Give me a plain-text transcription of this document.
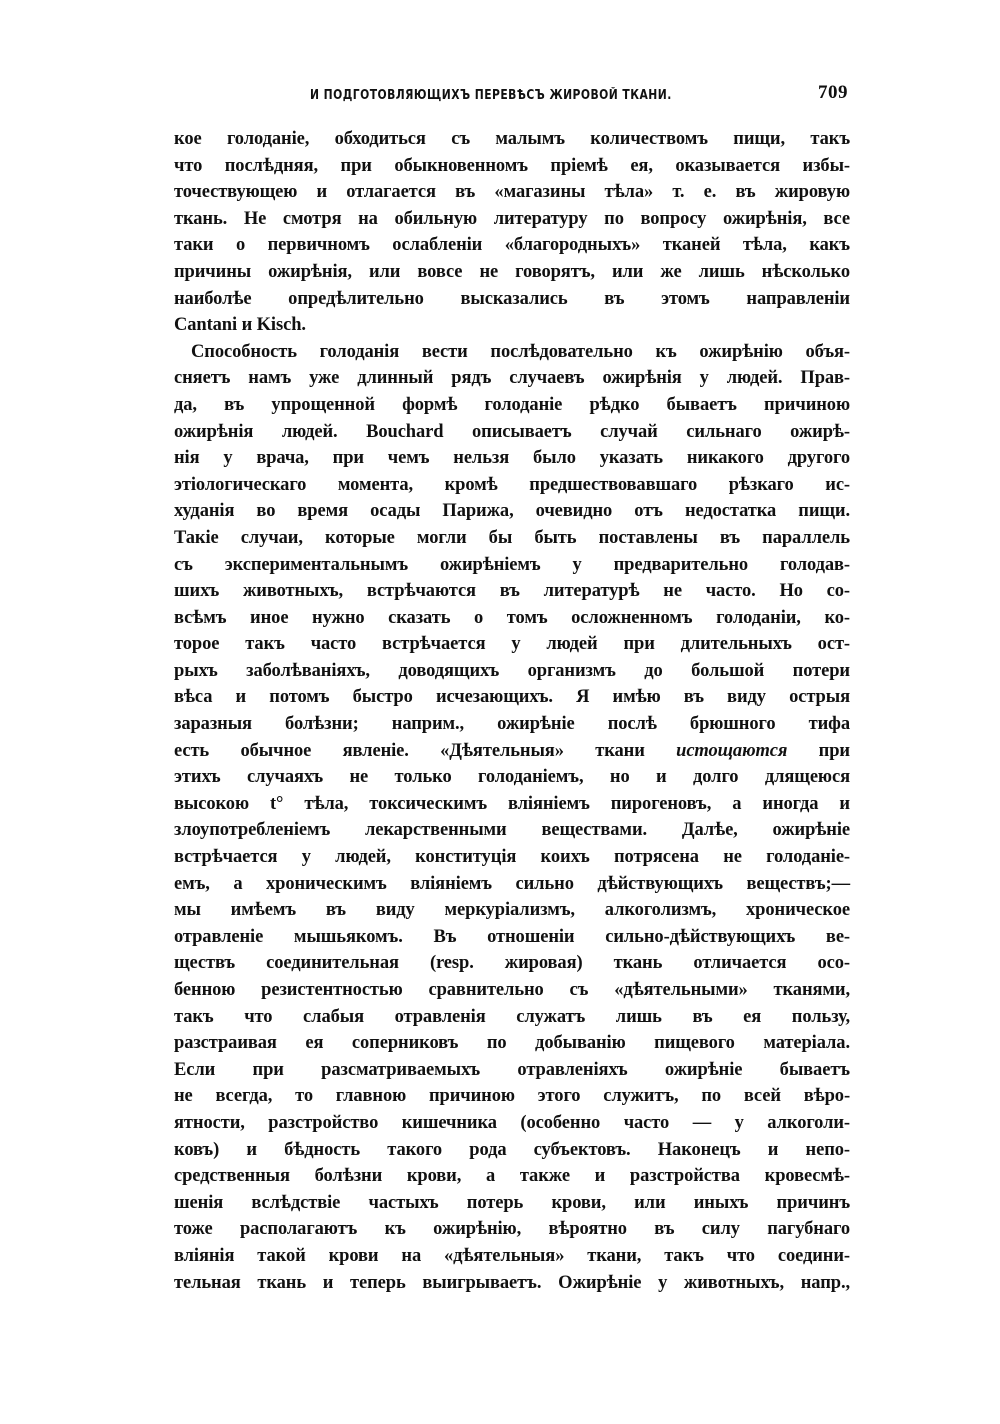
И ПОДГОТОВЛЯЮЩИХЪ ПЕРЕВѢСЪ ЖИРОВОЙ ТКАНИ.	709
кое голоданіе, обходиться съ малымъ количествомъ пищи, такъ
что послѣдняя, при обыкновенномъ пріемѣ ея, оказывается избы-
точествующею и отлагается въ «магазины тѣла» т. е. въ жировую
ткань. Не смотря на обильную литературу по вопросу ожирѣнія, все
таки о первичномъ ослабленіи «благородныхъ» тканей тѣла, какъ
причины ожирѣнія, или вовсе не говорятъ, или же лишь нѣсколько
наиболѣе опредѣлительно высказались въ этомъ направленіи
Cantani и Kisch.
Способность голоданія вести послѣдовательно къ ожирѣнію объя-
сняетъ намъ уже длинный рядъ случаевъ ожирѣнія у людей. Прав-
да, въ упрощенной формѣ голоданіе рѣдко бываетъ причиною
ожирѣнія людей. Bouchard описываетъ случай сильнаго ожирѣ-
нія у врача, при чемъ нельзя было указать никакого другого
этіологическаго момента, кромѣ предшествовавшаго рѣзкаго ис-
худанія во время осады Парижа, очевидно отъ недостатка пищи.
Такіе случаи, которые могли бы быть поставлены въ параллель
съ экспериментальнымъ ожирѣніемъ у предварительно голодав-
шихъ животныхъ, встрѣчаются въ литературѣ не часто. Но со-
всѣмъ иное нужно сказать о томъ осложненномъ голоданіи, ко-
торое такъ часто встрѣчается у людей при длительныхъ ост-
рыхъ заболѣваніяхъ, доводящихъ организмъ до большой потери
вѣса и потомъ быстро исчезающихъ. Я имѣю въ виду острыя
заразныя болѣзни; наприм., ожирѣніе послѣ брюшного тифа
есть обычное явленіе. «Дѣятельныя» ткани истощаются при
этихъ случаяхъ не только голоданіемъ, но и долго длящеюся
высокою t° тѣла, токсическимъ вліяніемъ пирогеновъ, а иногда и
злоупотребленіемъ лекарственными веществами. Далѣе, ожирѣніе
встрѣчается у людей, конституція коихъ потрясена не голоданіе-
емъ, а хроническимъ вліяніемъ сильно дѣйствующихъ веществъ;—
мы имѣемъ въ виду меркуріализмъ, алкоголизмъ, хроническое
отравленіе мышьякомъ. Въ отношеніи сильно-дѣйствующихъ ве-
ществъ соединительная (resp. жировая) ткань отличается осо-
бенною резистентностью сравнительно съ «дѣятельными» тканями,
такъ что слабыя отравленія служатъ лишь въ ея пользу,
разстраивая ея соперниковъ по добыванію пищевого матеріала.
Если при разсматриваемыхъ отравленіяхъ ожирѣніе бываетъ
не всегда, то главною причиною этого служитъ, по всей вѣро-
ятности, разстройство кишечника (особенно часто — у алкоголи-
ковъ) и бѣдность такого рода субъектовъ. Наконецъ и непо-
средственныя болѣзни крови, а также и разстройства кровесмѣ-
шенія вслѣдствіе частыхъ потерь крови, или иныхъ причинъ
тоже располагаютъ къ ожирѣнію, вѣроятно въ силу пагубнаго
вліянія такой крови на «дѣятельныя» ткани, такъ что соедини-
тельная ткань и теперь выигрываетъ. Ожирѣніе у животныхъ, напр.,
